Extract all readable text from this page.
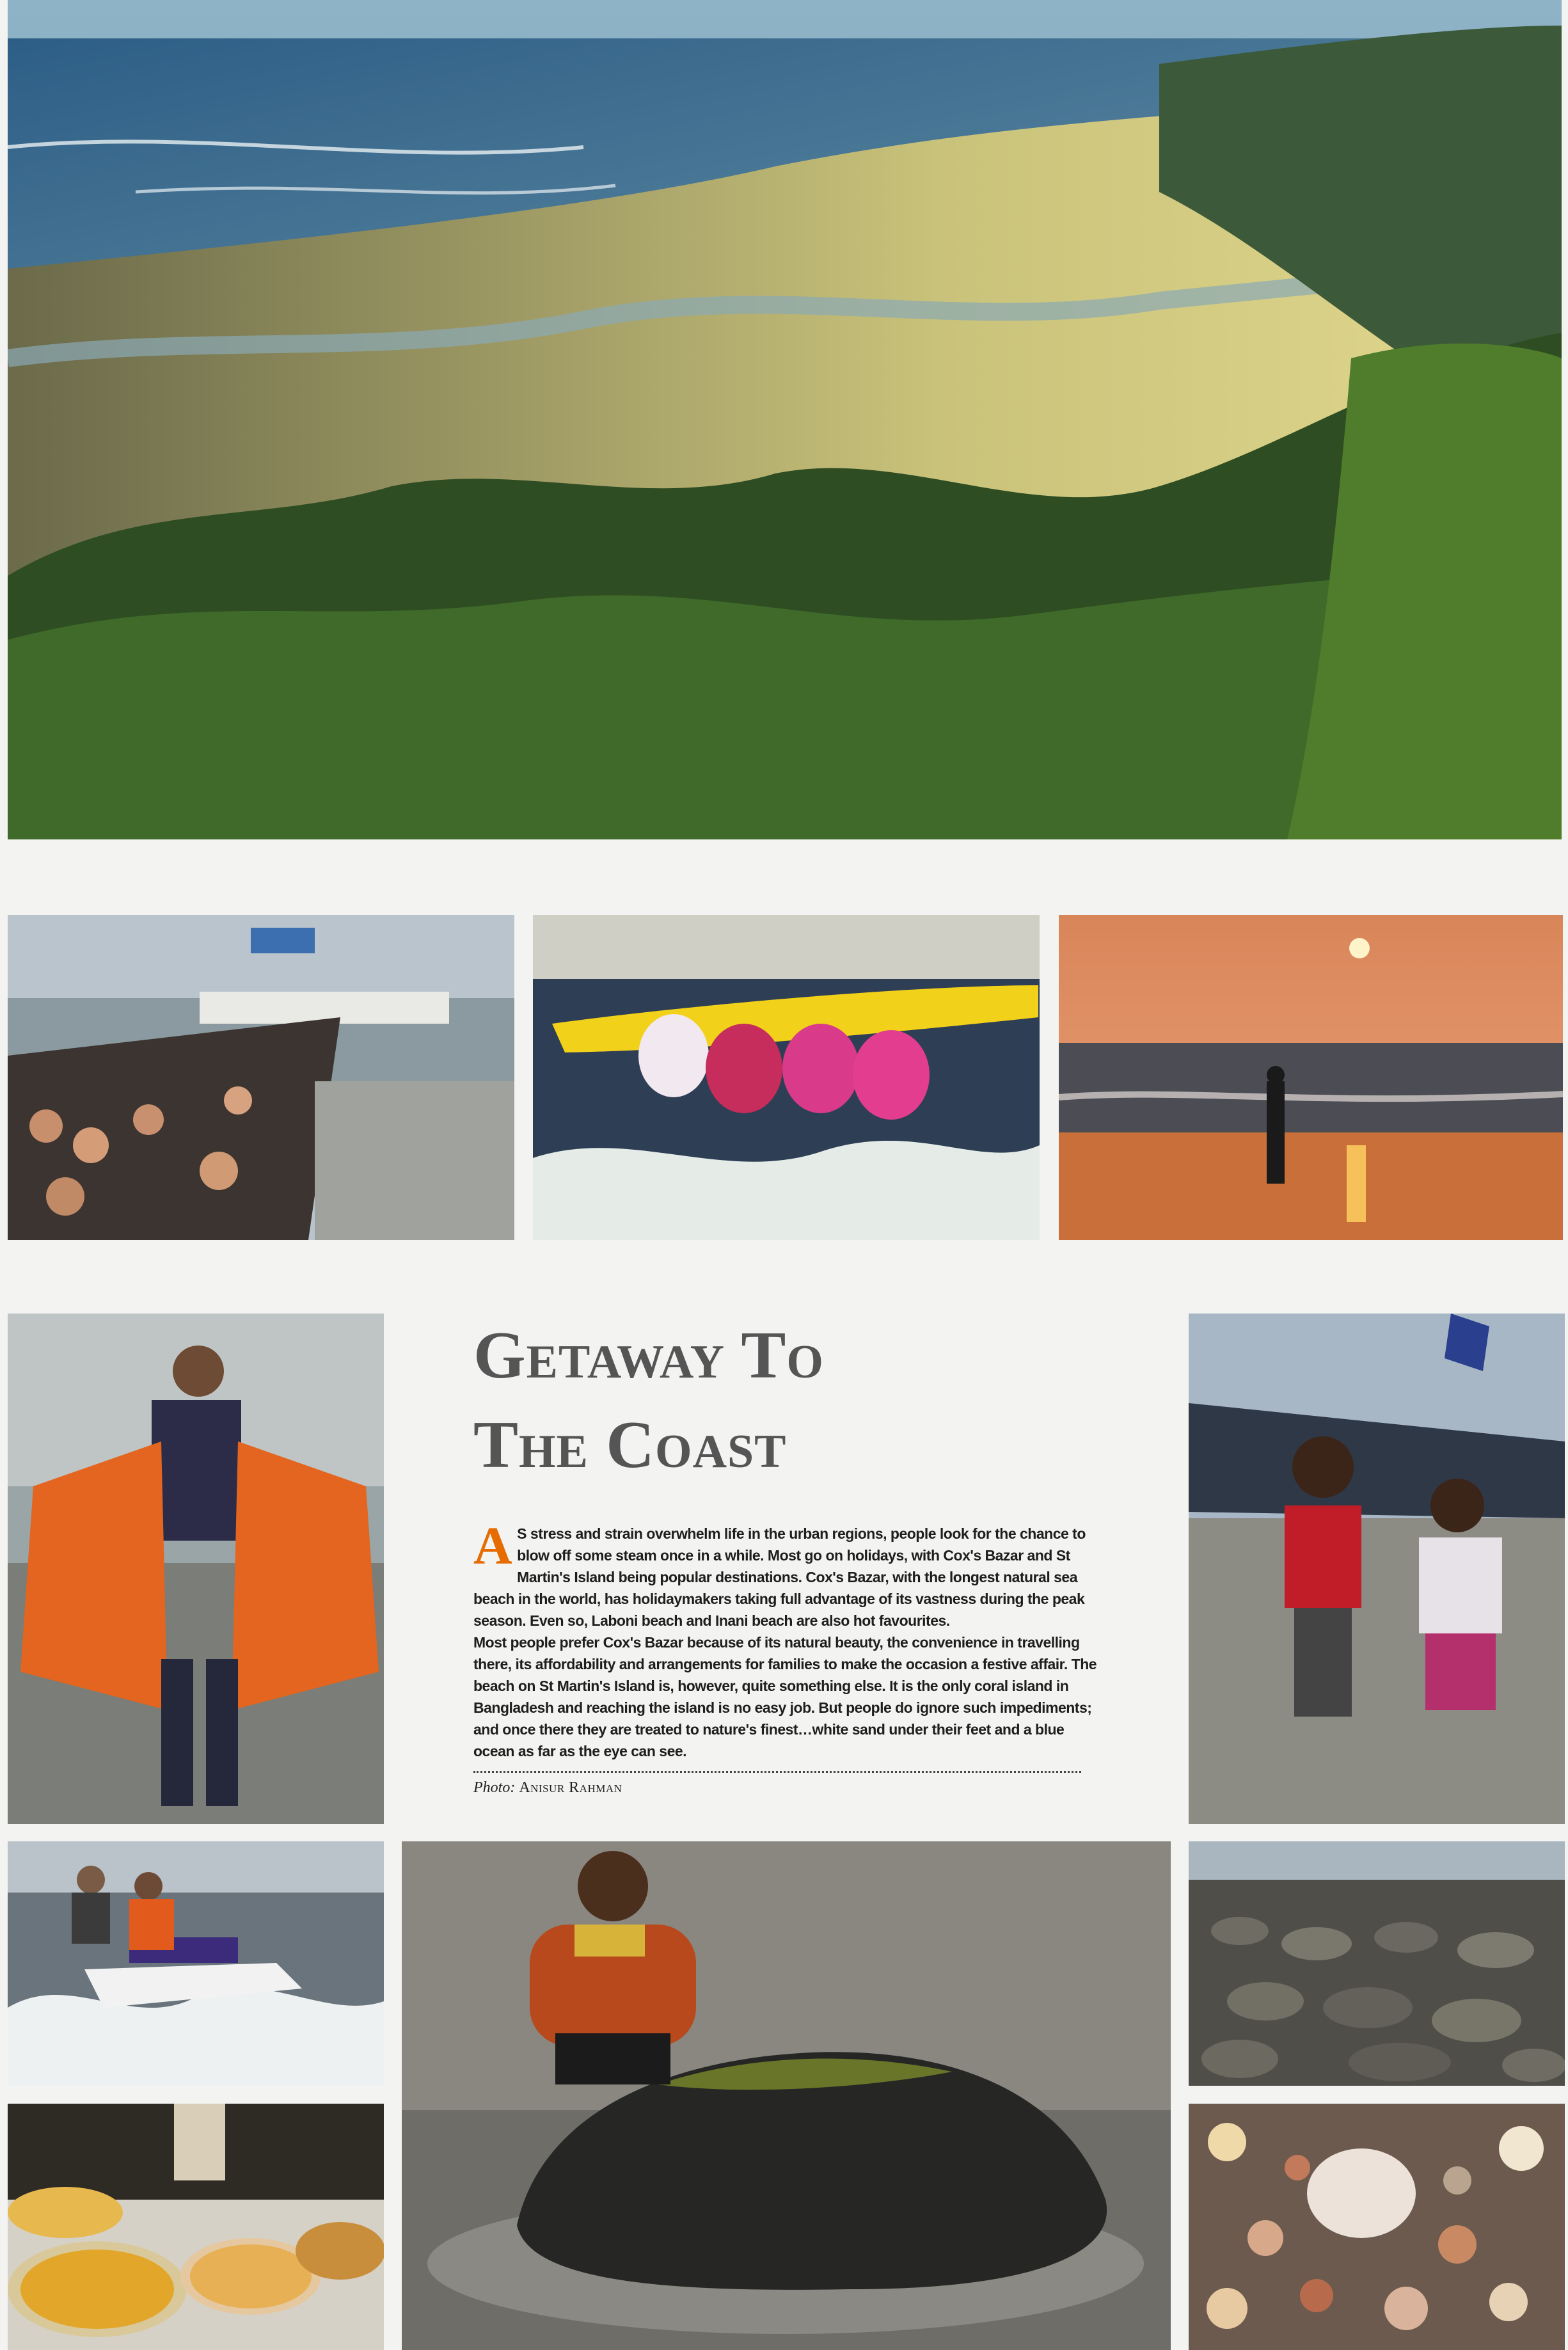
Getaway To
The Coast
A S stress and strain overwhelm life in the urban regions, people look for the chance to blow off some steam once in a while. Most go on holidays, with Cox's Bazar and St Martin's Island being popular destinations. Cox's Bazar, with the longest natural sea beach in the world, has holidaymakers taking full advantage of its vastness during the peak season. Even so, Laboni beach and Inani beach are also hot favourites.

Most people prefer Cox's Bazar because of its natural beauty, the convenience in travelling there, its affordability and arrangements for families to make the occasion a festive affair. The beach on St Martin's Island is, however, quite something else. It is the only coral island in Bangladesh and reaching the island is no easy job. But people do ignore such impediments; and once there they are treated to nature's finest…white sand under their feet and a blue ocean as far as the eye can see.

Photo: Anisur Rahman
